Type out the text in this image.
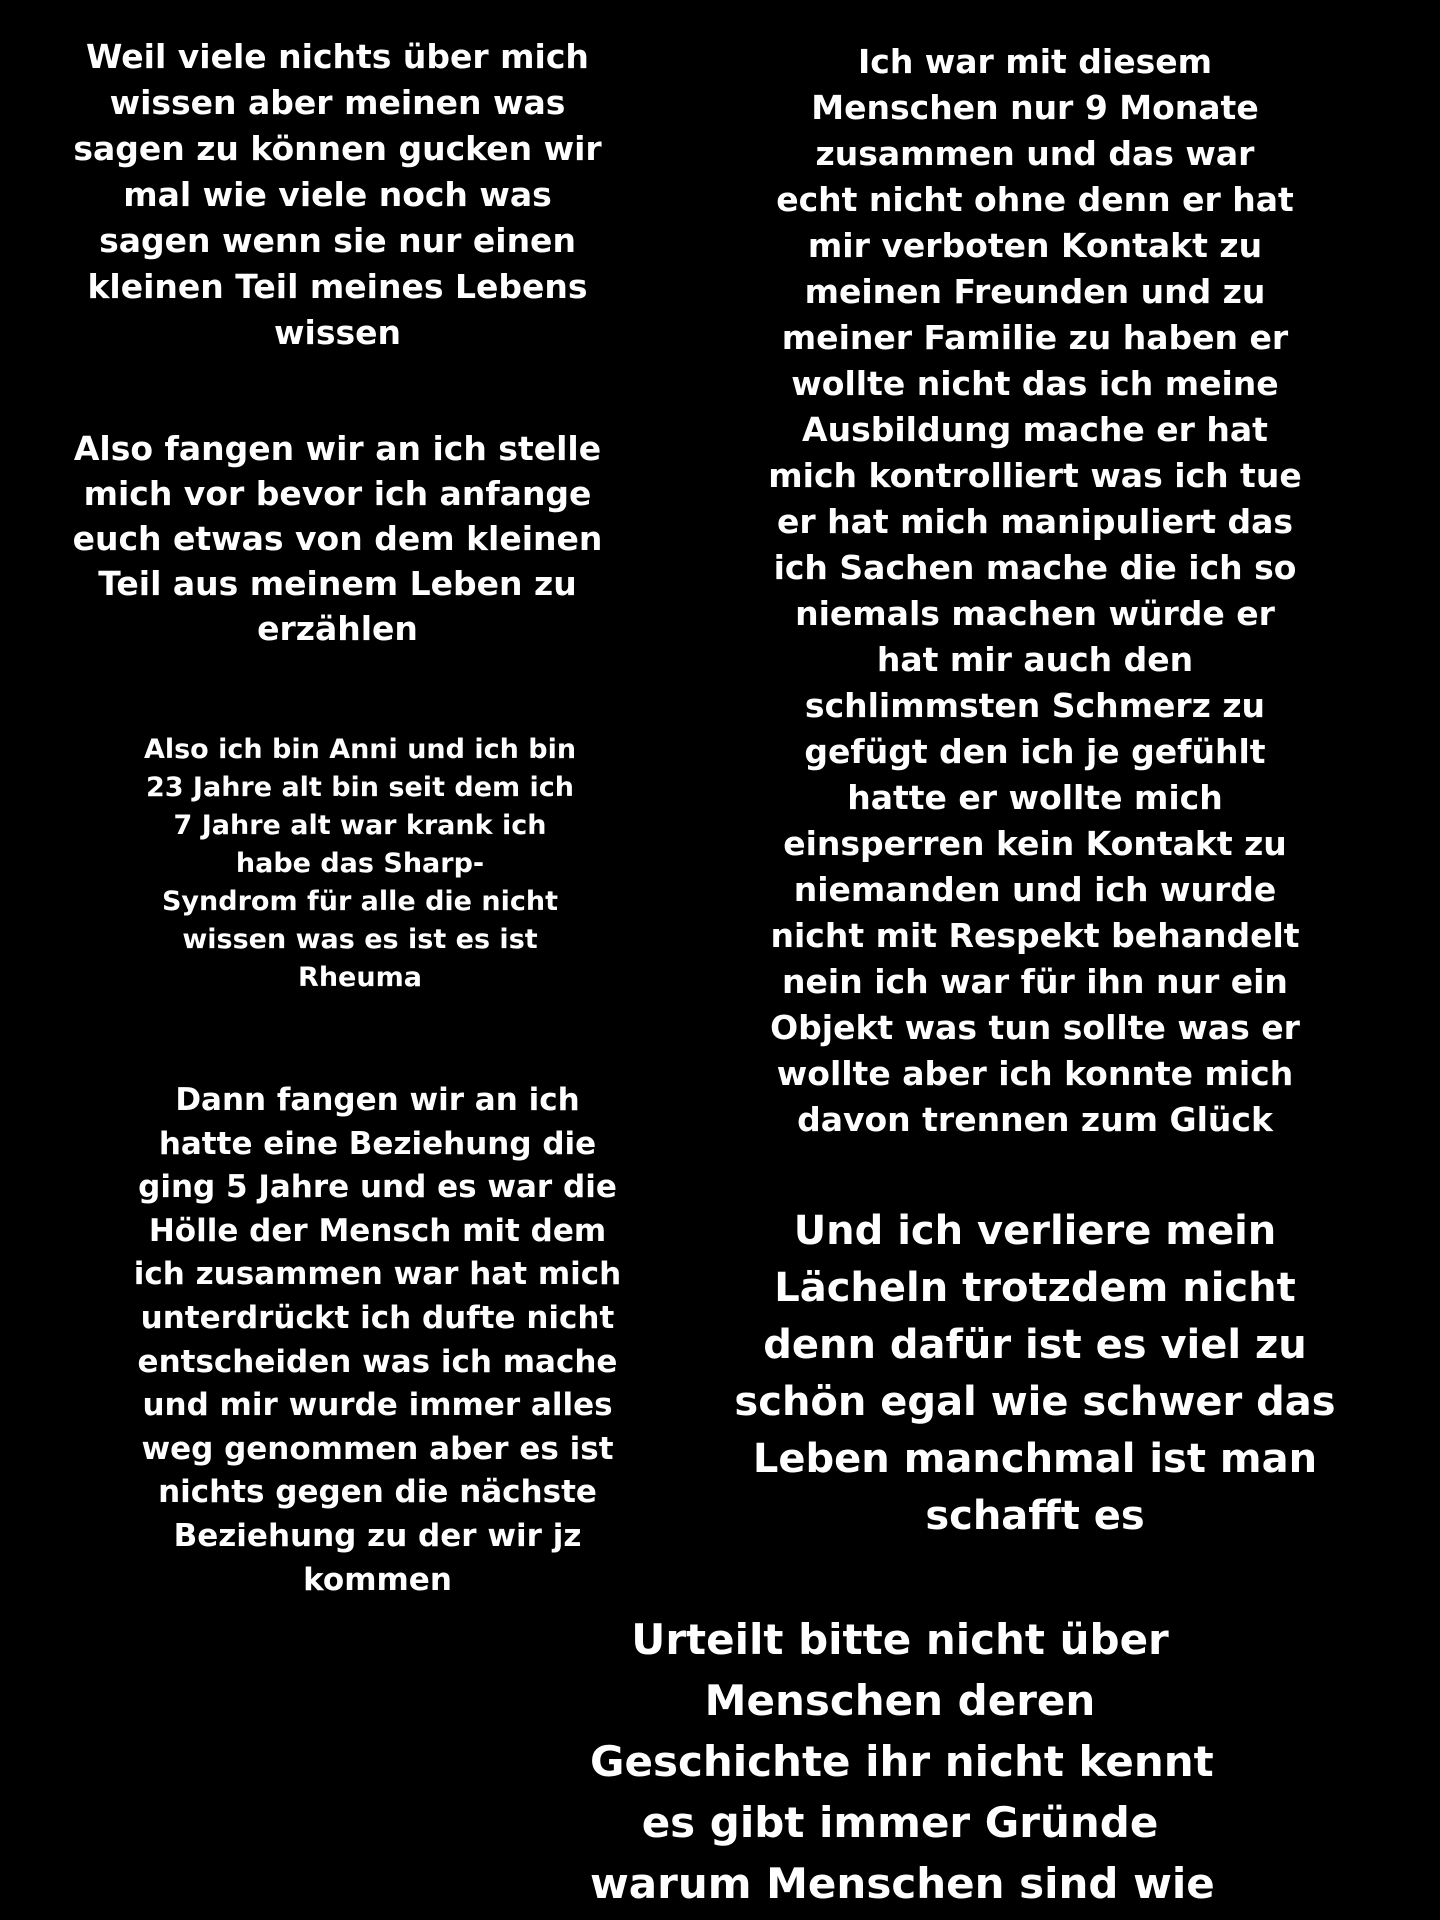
Weil viele nichts über mich
wissen aber meinen was
sagen zu können gucken wir
mal wie viele noch was
sagen wenn sie nur einen
kleinen Teil meines Lebens
wissen
Also fangen wir an ich stelle
mich vor bevor ich anfange
euch etwas von dem kleinen
Teil aus meinem Leben zu
erzählen
Also ich bin Anni und ich bin
23 Jahre alt bin seit dem ich
7 Jahre alt war krank ich
habe das Sharp-
Syndrom für alle die nicht
wissen was es ist es ist
Rheuma
Dann fangen wir an ich
hatte eine Beziehung die
ging 5 Jahre und es war die
Hölle der Mensch mit dem
ich zusammen war hat mich
unterdrückt ich dufte nicht
entscheiden was ich mache
und mir wurde immer alles
weg genommen aber es ist
nichts gegen die nächste
Beziehung zu der wir jz
kommen
Ich war mit diesem
Menschen nur 9 Monate
zusammen und das war
echt nicht ohne denn er hat
mir verboten Kontakt zu
meinen Freunden und zu
meiner Familie zu haben er
wollte nicht das ich meine
Ausbildung mache er hat
mich kontrolliert was ich tue
er hat mich manipuliert das
ich Sachen mache die ich so
niemals machen würde er
hat mir auch den
schlimmsten Schmerz zu
gefügt den ich je gefühlt
hatte er wollte mich
einsperren kein Kontakt zu
niemanden und ich wurde
nicht mit Respekt behandelt
nein ich war für ihn nur ein
Objekt was tun sollte was er
wollte aber ich konnte mich
davon trennen zum Glück
Und ich verliere mein
Lächeln trotzdem nicht
denn dafür ist es viel zu
schön egal wie schwer das
Leben manchmal ist man
schafft es
Urteilt bitte nicht über
Menschen deren
Geschichte ihr nicht kennt
es gibt immer Gründe
warum Menschen sind wie
